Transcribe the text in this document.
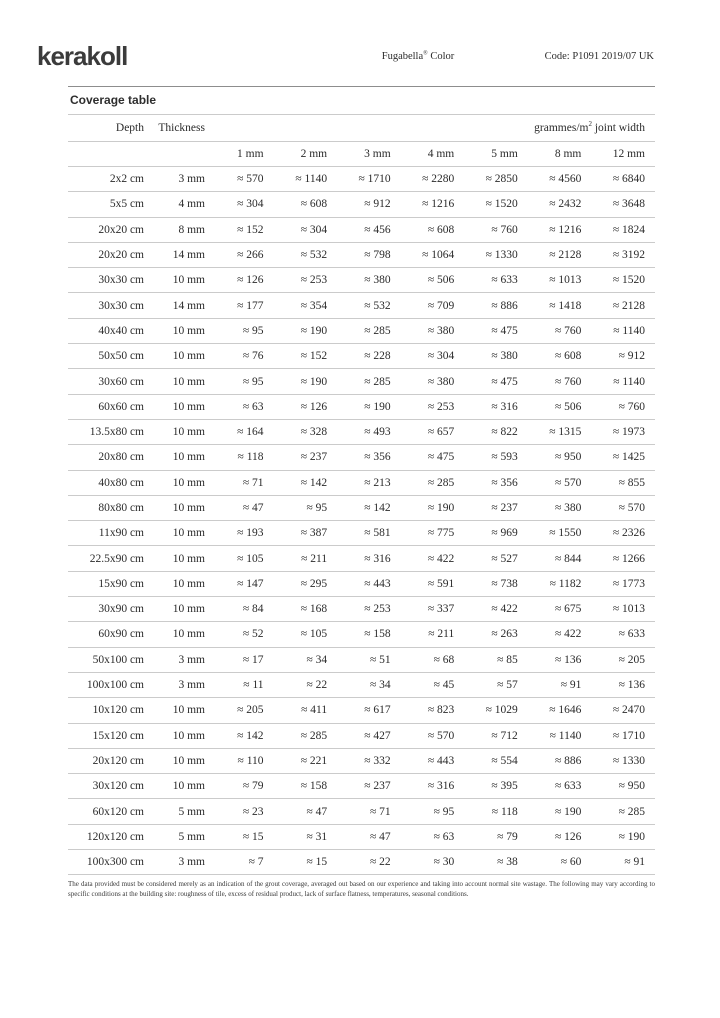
kerakoll	Fugabella® Color	Code: P1091 2019/07 UK
Coverage table
Depth	Thickness	grammes/$m^2$ joint width						
		1 mm	2 mm	3 mm	4 mm	5 mm	8 mm	12 mm
2x2 cm	3 mm	≈ 570	≈ 1140	≈ 1710	≈ 2280	≈ 2850	≈ 4560	≈ 6840
5x5 cm	4 mm	≈ 304	≈ 608	≈ 912	≈ 1216	≈ 1520	≈ 2432	≈ 3648
20x20 cm	8 mm	≈ 152	≈ 304	≈ 456	≈ 608	≈ 760	≈ 1216	≈ 1824
20x20 cm	14 mm	≈ 266	≈ 532	≈ 798	≈ 1064	≈ 1330	≈ 2128	≈ 3192
30x30 cm	10 mm	≈ 126	≈ 253	≈ 380	≈ 506	≈ 633	≈ 1013	≈ 1520
30x30 cm	14 mm	≈ 177	≈ 354	≈ 532	≈ 709	≈ 886	≈ 1418	≈ 2128
40x40 cm	10 mm	≈ 95	≈ 190	≈ 285	≈ 380	≈ 475	≈ 760	≈ 1140
50x50 cm	10 mm	≈ 76	≈ 152	≈ 228	≈ 304	≈ 380	≈ 608	≈ 912
30x60 cm	10 mm	≈ 95	≈ 190	≈ 285	≈ 380	≈ 475	≈ 760	≈ 1140
60x60 cm	10 mm	≈ 63	≈ 126	≈ 190	≈ 253	≈ 316	≈ 506	≈ 760
13.5x80 cm	10 mm	≈ 164	≈ 328	≈ 493	≈ 657	≈ 822	≈ 1315	≈ 1973
20x80 cm	10 mm	≈ 118	≈ 237	≈ 356	≈ 475	≈ 593	≈ 950	≈ 1425
40x80 cm	10 mm	≈ 71	≈ 142	≈ 213	≈ 285	≈ 356	≈ 570	≈ 855
80x80 cm	10 mm	≈ 47	≈ 95	≈ 142	≈ 190	≈ 237	≈ 380	≈ 570
11x90 cm	10 mm	≈ 193	≈ 387	≈ 581	≈ 775	≈ 969	≈ 1550	≈ 2326
22.5x90 cm	10 mm	≈ 105	≈ 211	≈ 316	≈ 422	≈ 527	≈ 844	≈ 1266
15x90 cm	10 mm	≈ 147	≈ 295	≈ 443	≈ 591	≈ 738	≈ 1182	≈ 1773
30x90 cm	10 mm	≈ 84	≈ 168	≈ 253	≈ 337	≈ 422	≈ 675	≈ 1013
60x90 cm	10 mm	≈ 52	≈ 105	≈ 158	≈ 211	≈ 263	≈ 422	≈ 633
50x100 cm	3 mm	≈ 17	≈ 34	≈ 51	≈ 68	≈ 85	≈ 136	≈ 205
100x100 cm	3 mm	≈ 11	≈ 22	≈ 34	≈ 45	≈ 57	≈ 91	≈ 136
10x120 cm	10 mm	≈ 205	≈ 411	≈ 617	≈ 823	≈ 1029	≈ 1646	≈ 2470
15x120 cm	10 mm	≈ 142	≈ 285	≈ 427	≈ 570	≈ 712	≈ 1140	≈ 1710
20x120 cm	10 mm	≈ 110	≈ 221	≈ 332	≈ 443	≈ 554	≈ 886	≈ 1330
30x120 cm	10 mm	≈ 79	≈ 158	≈ 237	≈ 316	≈ 395	≈ 633	≈ 950
60x120 cm	5 mm	≈ 23	≈ 47	≈ 71	≈ 95	≈ 118	≈ 190	≈ 285
120x120 cm	5 mm	≈ 15	≈ 31	≈ 47	≈ 63	≈ 79	≈ 126	≈ 190
100x300 cm	3 mm	≈ 7	≈ 15	≈ 22	≈ 30	≈ 38	≈ 60	≈ 91
The data provided must be considered merely as an indication of the grout coverage, averaged out based on our experience and taking into account normal site wastage. The following may vary according to specific conditions at the building site: roughness of tile, excess of residual product, lack of surface flatness, temperatures, seasonal conditions.
